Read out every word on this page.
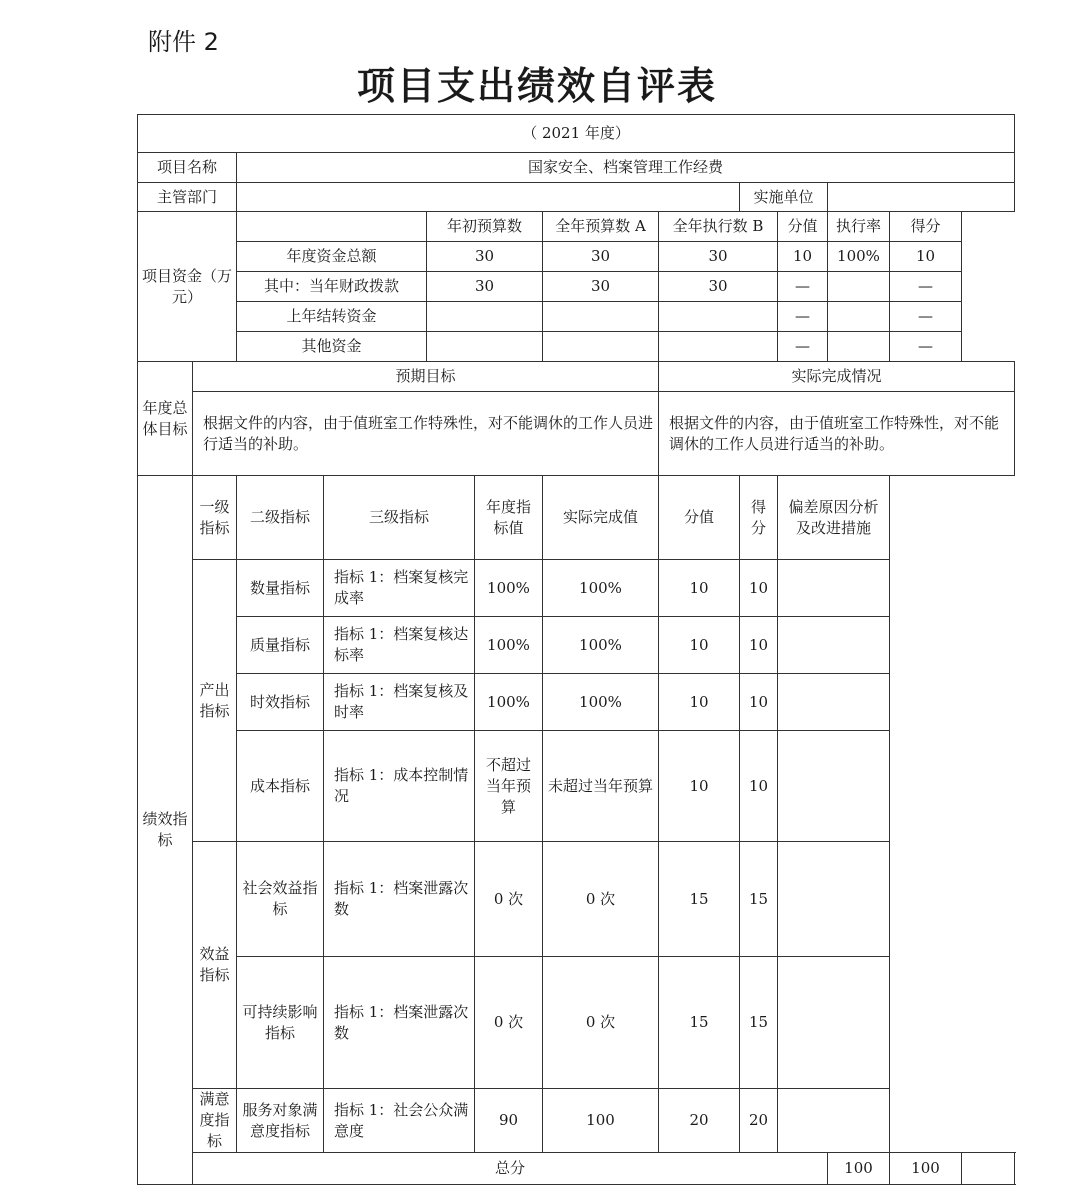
附件 2
项目支出绩效自评表
（ 2021 年度）												
项目名称		国家安全、档案管理工作经费										
主管部门								实施单位				
项目资金（万元）				年初预算数		全年预算数 A	全年执行数 B		分值	执行率	得分	
		年度资金总额		30		30	30		10	100%	10	
		其中：当年财政拨款		30		30	30		—		—	
		上年结转资金							—		—	
		其他资金							—		—	
年度总体目标	预期目标						实际完成情况					
	根据文件的内容，由于值班室工作特殊性，对不能调休的工作人员进行适当的补助。						根据文件的内容，由于值班室工作特殊性，对不能调休的工作人员进行适当的补助。					
绩效指标	一级指标	二级指标	三级指标		年度指标值	实际完成值	分值	得分	偏差原因分析及改进措施			
	产出指标	数量指标	指标 1：档案复核完成率		100%	100%	10	10				
		质量指标	指标 1：档案复核达标率		100%	100%	10	10				
		时效指标	指标 1：档案复核及时率		100%	100%	10	10				
		成本指标	指标 1：成本控制情况		不超过当年预算	未超过当年预算	10	10				
	效益指标	社会效益指标	指标 1：档案泄露次数		0 次	0 次	15	15				
		可持续影响指标	指标 1：档案泄露次数		0 次	0 次	15	15				
	满意度指标	服务对象满意度指标	指标 1：社会公众满意度		90	100	20	20				
	总分									100	100	
